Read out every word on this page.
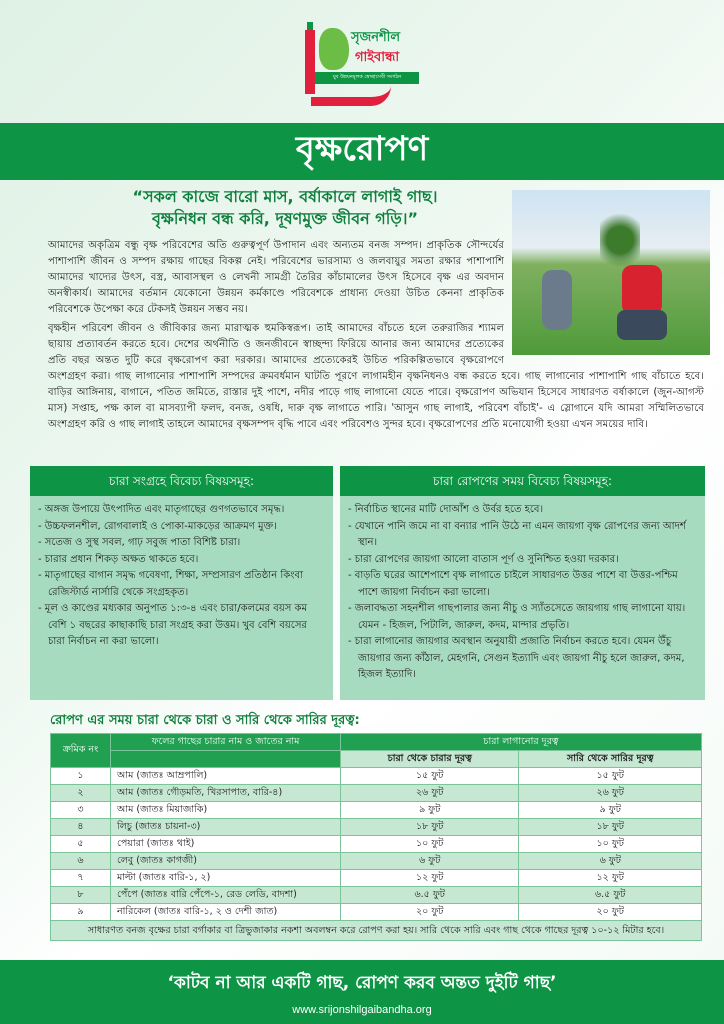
সৃজনশীল
গাইবান্ধা
যুব উন্নয়নমূলক স্বেচ্ছাসেবী সংগঠন
বৃক্ষরোপণ
“সকল কাজে বারো মাস, বর্ষাকালে লাগাই গাছ।
বৃক্ষনিধন বন্ধ করি, দূষণমুক্ত জীবন গড়ি।”

আমাদের অকৃত্রিম বন্ধু বৃক্ষ পরিবেশের অতি গুরুত্বপূর্ণ উপাদান এবং অন্যতম বনজ সম্পদ। প্রাকৃতিক সৌন্দর্যের পাশাপাশি জীবন ও সম্পদ রক্ষায় গাছের বিকল্প নেই। পরিবেশের ভারসাম্য ও জলবায়ুর সমতা রক্ষার পাশাপাশি আমাদের খাদ্যের উৎস, বস্ত্র, আবাসস্থল ও লেখনী সামগ্রী তৈরির কাঁচামালের উৎস হিসেবে বৃক্ষ এর অবদান অনস্বীকার্য। আমাদের বর্তমান যেকোনো উন্নয়ন কর্মকাণ্ডে পরিবেশকে প্রাধান্য দেওয়া উচিত কেননা প্রাকৃতিক পরিবেশকে উপেক্ষা করে টেকসই উন্নয়ন সম্ভব নয়।

বৃক্ষহীন পরিবেশ জীবন ও জীবিকার জন্য মারাত্মক হুমকিস্বরূপ। তাই আমাদের বাঁচতে হলে তরুরাজির শ্যামল ছায়ায় প্রত্যাবর্তন করতে হবে। দেশের অর্থনীতি ও জনজীবনে স্বাচ্ছন্দ্য ফিরিয়ে আনার জন্য আমাদের প্রত্যেকের প্রতি বছর অন্তত দুটি করে বৃক্ষরোপণ করা দরকার। আমাদের প্রত্যেকেরই উচিত পরিকল্পিতভাবে বৃক্ষরোপণে অংশগ্রহণ করা। গাছ লাগানোর পাশাপাশি সম্পদের ক্রমবর্ধমান ঘাটতি পূরণে লাগামহীন বৃক্ষনিধনও বন্ধ করতে হবে। গাছ লাগানোর পাশাপাশি গাছ বাঁচাতে হবে। বাড়ির আঙ্গিনায়, বাগানে, পতিত জমিতে, রাস্তার দুই পাশে, নদীর পাড়ে গাছ লাগানো যেতে পারে। বৃক্ষরোপণ অভিযান হিসেবে সাধারণত বর্ষাকালে (জুন-আগস্ট মাস) সপ্তাহ, পক্ষ কাল বা মাসব্যাপী ফলদ, বনজ, ওষধি, দারু বৃক্ষ লাগাতে পারি। 'আসুন গাছ লাগাই, পরিবেশ বাঁচাই'- এ স্লোগানে যদি আমরা সম্মিলিতভাবে অংশগ্রহণ করি ও গাছ লাগাই তাহলে আমাদের বৃক্ষসম্পদ বৃদ্ধি পাবে এবং পরিবেশও সুন্দর হবে। বৃক্ষরোপণের প্রতি মনোযোগী হওয়া এখন সময়ের দাবি।

চারা সংগ্রহে বিবেচ্য বিষয়সমূহ:
- অঙ্গজ উপায়ে উৎপাদিত এবং মাতৃগাছের গুণগতভাবে সমৃদ্ধ।
- উচ্চফলনশীল, রোগবালাই ও পোকা-মাকড়ের আক্রমণ মুক্ত।
- সতেজ ও সুস্থ সবল, গাঢ় সবুজ পাতা বিশিষ্ট চারা।
- চারার প্রধান শিকড় অক্ষত থাকতে হবে।
- মাতৃগাছের বাগান সমৃদ্ধ গবেষণা, শিক্ষা, সম্প্রসারণ প্রতিষ্ঠান কিংবা রেজিস্টার্ড নার্সারি থেকে সংগ্রহকৃত।
- মূল ও কাণ্ডের মধ্যকার অনুপাত ১:৩-৪ এবং চারা/কলমের বয়স কম বেশি ১ বছরের কাছাকাছি চারা সংগ্রহ করা উত্তম। খুব বেশি বয়সের চারা নির্বাচন না করা ভালো।
চারা রোপণের সময় বিবেচ্য বিষয়সমূহ:
- নির্বাচিত স্থানের মাটি দোআঁশ ও উর্বর হতে হবে।
- যেখানে পানি জমে না বা বন্যার পানি উঠে না এমন জায়গা বৃক্ষ রোপণের জন্য আদর্শ স্থান।
- চারা রোপণের জায়গা আলো বাতাস পূর্ণ ও সুনিশ্চিত হওয়া দরকার।
- বাড়তি ঘরের আশেপাশে বৃক্ষ লাগাতে চাইলে সাধারণত উত্তর পাশে বা উত্তর-পশ্চিম পাশে জায়গা নির্বাচন করা ভালো।
- জলাবদ্ধতা সহনশীল গাছপালার জন্য নীচু ও স্যাঁতসেতে জায়গায় গাছ লাগানো যায়। যেমন - হিজল, পিটালি, জারুল, কদম, মান্দার প্রভৃতি।
- চারা লাগানোর জায়গার অবস্থান অনুযায়ী প্রজাতি নির্বাচন করতে হবে। যেমন উঁচু জায়গার জন্য কাঁঠাল, মেহগনি, সেগুন ইত্যাদি এবং জায়গা নীচু হলে জারুল, কদম, হিজল ইত্যাদি।
রোপণ এর সময় চারা থেকে চারা ও সারি থেকে সারির দূরত্ব:
ক্রমিক নং	ফলের গাছের চারার নাম ও জাতের নাম	চারা লাগানোর দূরত্ব	
		চারা থেকে চারার দূরত্ব	সারি থেকে সারির দূরত্ব
১	আম (জাতঃ আম্রপালি)	১৫ ফুট	১৫ ফুট
২	আম (জাতঃ গৌড়মতি, খিরসাপাত, বারি-৪)	২৬ ফুট	২৬ ফুট
৩	আম (জাতঃ মিয়াজাকি)	৯ ফুট	৯ ফুট
৪	লিচু (জাতঃ চায়না-৩)	১৮ ফুট	১৮ ফুট
৫	পেয়ারা (জাতঃ থাই)	১০ ফুট	১০ ফুট
৬	লেবু (জাতঃ কাগজী)	৬ ফুট	৬ ফুট
৭	মাল্টা (জাতঃ বারি-১, ২)	১২ ফুট	১২ ফুট
৮	পেঁপে (জাতঃ বারি পেঁপে-১, রেড লেডি, বাদশা)	৬.৫ ফুট	৬.৫ ফুট
৯	নারিকেল (জাতঃ বারি-১, ২ ও দেশী জাত)	২০ ফুট	২০ ফুট
সাধারণত বনজ বৃক্ষের চারা বর্গাকার বা ত্রিভুজাকার নকশা অবলম্বন করে রোপণ করা হয়। সারি থেকে সারি এবং গাছ থেকে গাছের দূরত্ব ১০-১২ মিটার হবে।			
‘কাটব না আর একটি গাছ, রোপণ করব অন্তত দুইটি গাছ’
www.srijonshilgaibandha.org
